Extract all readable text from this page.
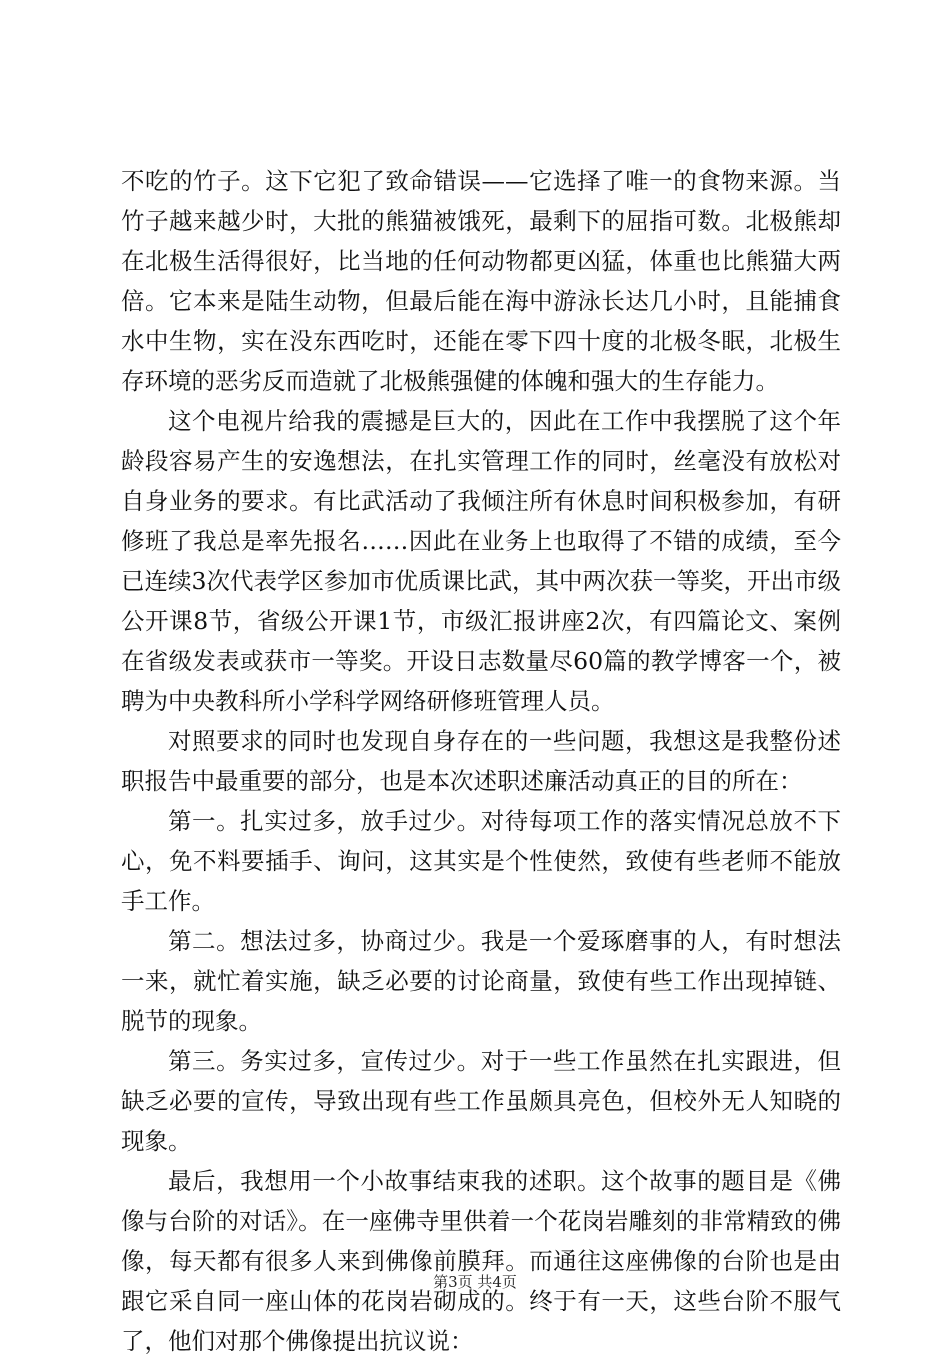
不吃的竹子。这下它犯了致命错误——它选择了唯一的食物来源。当竹子越来越少时，大批的熊猫被饿死，最剩下的屈指可数。北极熊却在北极生活得很好，比当地的任何动物都更凶猛，体重也比熊猫大两倍。它本来是陆生动物，但最后能在海中游泳长达几小时，且能捕食水中生物，实在没东西吃时，还能在零下四十度的北极冬眠，北极生存环境的恶劣反而造就了北极熊强健的体魄和强大的生存能力。

这个电视片给我的震撼是巨大的，因此在工作中我摆脱了这个年龄段容易产生的安逸想法，在扎实管理工作的同时，丝毫没有放松对自身业务的要求。有比武活动了我倾注所有休息时间积极参加，有研修班了我总是率先报名……因此在业务上也取得了不错的成绩，至今已连续3次代表学区参加市优质课比武，其中两次获一等奖，开出市级公开课8节，省级公开课1节，市级汇报讲座2次，有四篇论文、案例在省级发表或获市一等奖。开设日志数量尽60篇的教学博客一个，被聘为中央教科所小学科学网络研修班管理人员。

对照要求的同时也发现自身存在的一些问题，我想这是我整份述职报告中最重要的部分，也是本次述职述廉活动真正的目的所在：

第一。扎实过多，放手过少。对待每项工作的落实情况总放不下心，免不料要插手、询问，这其实是个性使然，致使有些老师不能放手工作。

第二。想法过多，协商过少。我是一个爱琢磨事的人，有时想法一来，就忙着实施，缺乏必要的讨论商量，致使有些工作出现掉链、脱节的现象。

第三。务实过多，宣传过少。对于一些工作虽然在扎实跟进，但缺乏必要的宣传，导致出现有些工作虽颇具亮色，但校外无人知晓的现象。

最后，我想用一个小故事结束我的述职。这个故事的题目是《佛像与台阶的对话》。在一座佛寺里供着一个花岗岩雕刻的非常精致的佛像，每天都有很多人来到佛像前膜拜。而通往这座佛像的台阶也是由跟它采自同一座山体的花岗岩砌成的。终于有一天，这些台阶不服气了，他们对那个佛像提出抗议说：

第3页 共4页
